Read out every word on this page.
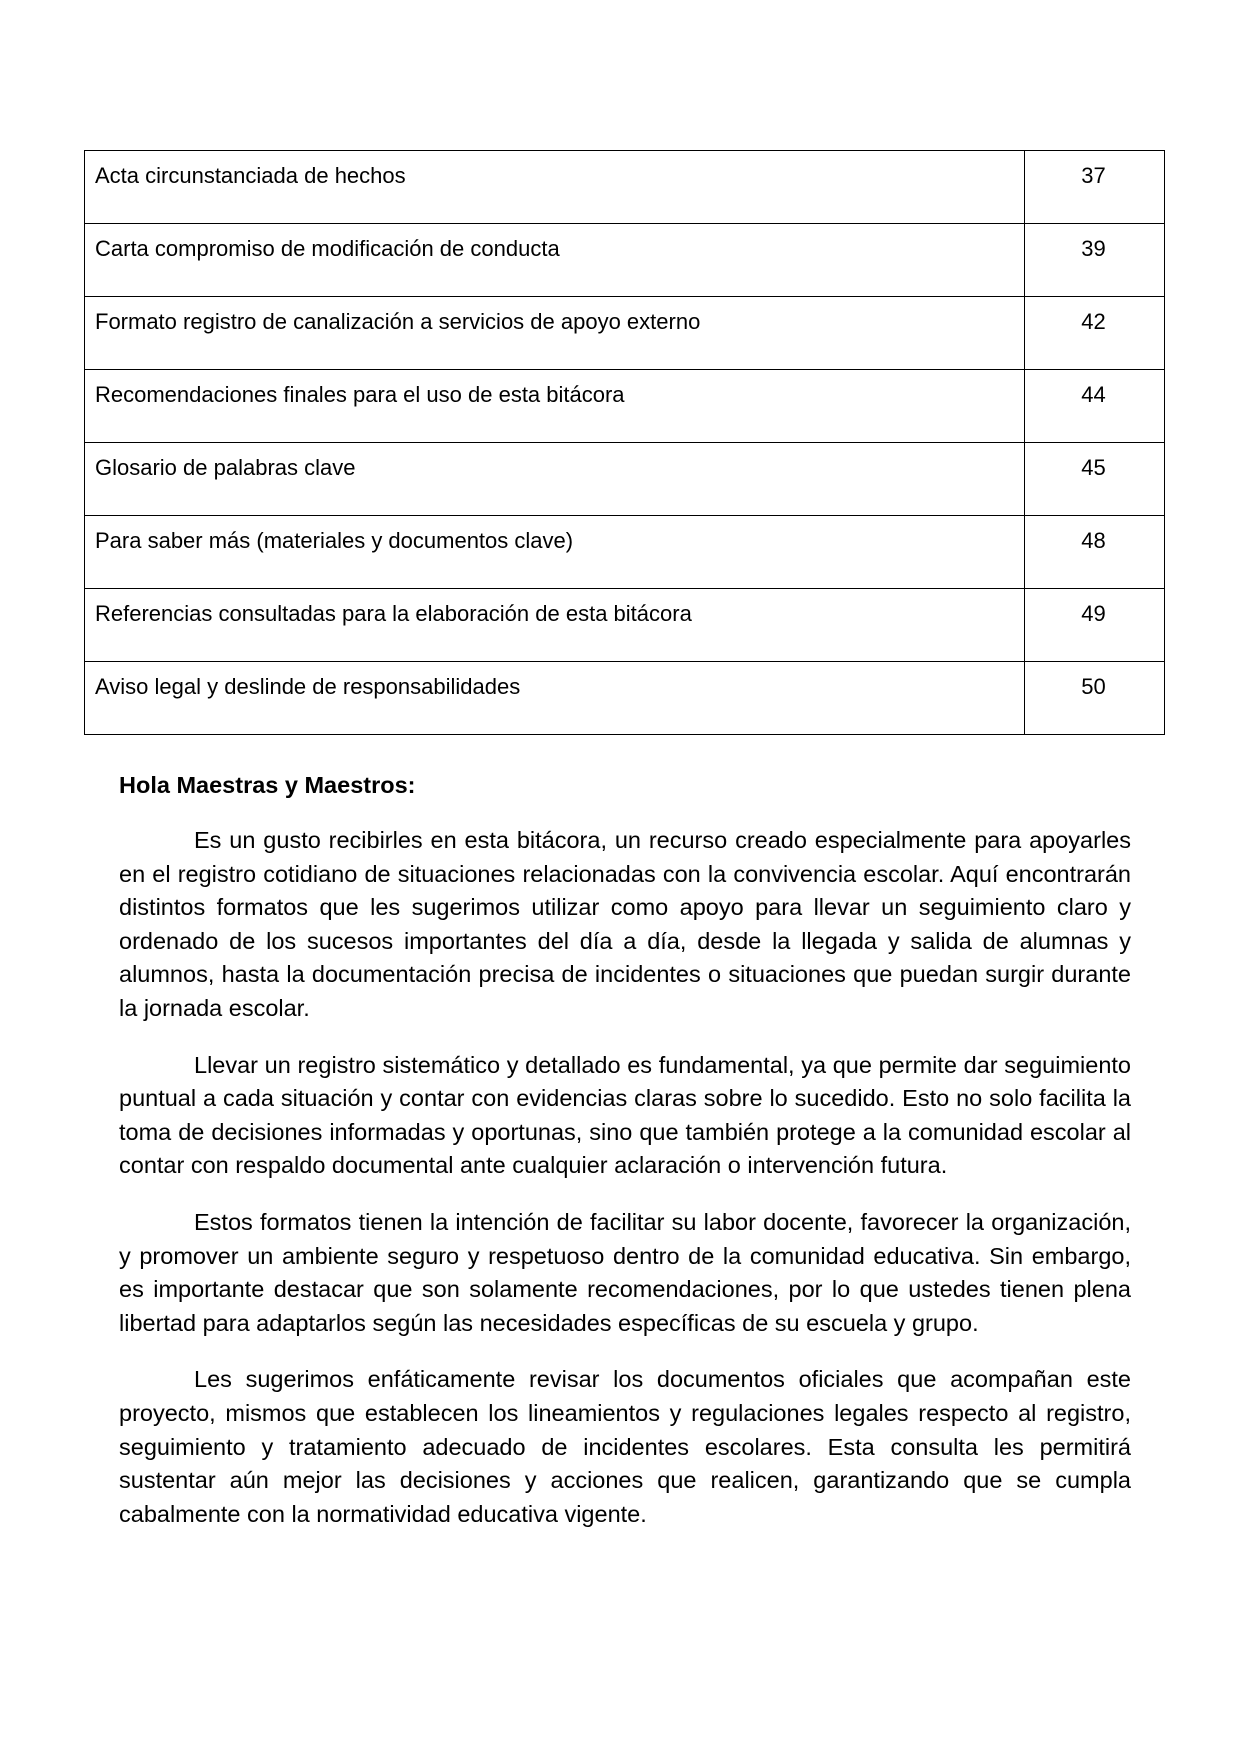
Acta circunstanciada de hechos	37
Carta compromiso de modificación de conducta	39
Formato registro de canalización a servicios de apoyo externo	42
Recomendaciones finales para el uso de esta bitácora	44
Glosario de palabras clave	45
Para saber más (materiales y documentos clave)	48
Referencias consultadas para la elaboración de esta bitácora	49
Aviso legal y deslinde de responsabilidades	50

Hola Maestras y Maestros:

Es un gusto recibirles en esta bitácora, un recurso creado especialmente para apoyarles en el registro cotidiano de situaciones relacionadas con la convivencia escolar. Aquí encontrarán distintos formatos que les sugerimos utilizar como apoyo para llevar un seguimiento claro y ordenado de los sucesos importantes del día a día, desde la llegada y salida de alumnas y alumnos, hasta la documentación precisa de incidentes o situaciones que puedan surgir durante la jornada escolar.

Llevar un registro sistemático y detallado es fundamental, ya que permite dar seguimiento puntual a cada situación y contar con evidencias claras sobre lo sucedido. Esto no solo facilita la toma de decisiones informadas y oportunas, sino que también protege a la comunidad escolar al contar con respaldo documental ante cualquier aclaración o intervención futura.

Estos formatos tienen la intención de facilitar su labor docente, favorecer la organización, y promover un ambiente seguro y respetuoso dentro de la comunidad educativa. Sin embargo, es importante destacar que son solamente recomendaciones, por lo que ustedes tienen plena libertad para adaptarlos según las necesidades específicas de su escuela y grupo.

Les sugerimos enfáticamente revisar los documentos oficiales que acompañan este proyecto, mismos que establecen los lineamientos y regulaciones legales respecto al registro, seguimiento y tratamiento adecuado de incidentes escolares. Esta consulta les permitirá sustentar aún mejor las decisiones y acciones que realicen, garantizando que se cumpla cabalmente con la normatividad educativa vigente.
